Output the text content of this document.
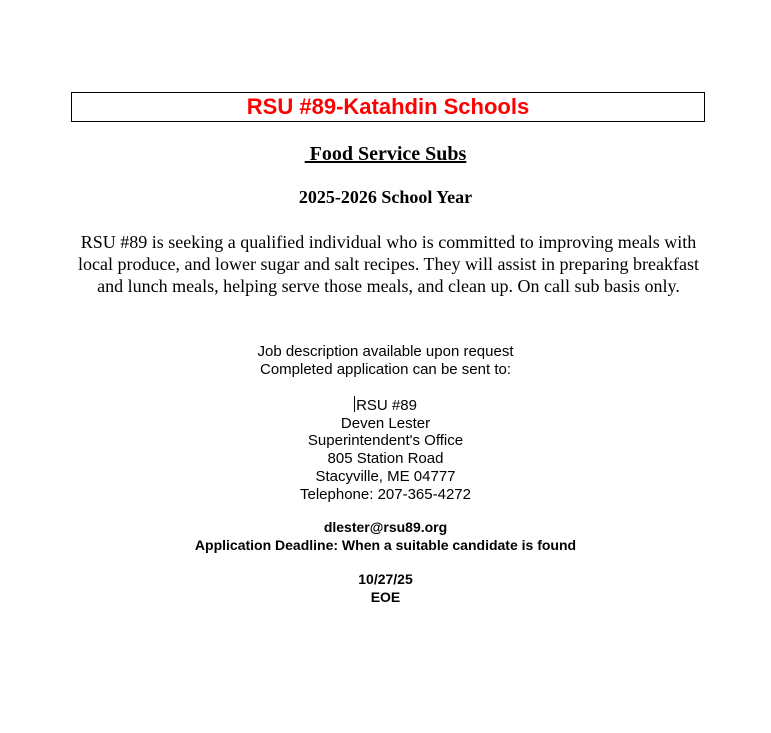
RSU #89-Katahdin Schools
Food Service Subs
2025-2026 School Year
RSU #89 is seeking a qualified individual who is committed to improving meals with local produce, and lower sugar and salt recipes. They will assist in preparing breakfast and lunch meals, helping serve those meals, and clean up. On call sub basis only.
Job description available upon request
Completed application can be sent to:
RSU #89
Deven Lester
Superintendent's Office
805 Station Road
Stacyville, ME 04777
Telephone: 207-365-4272
dlester@rsu89.org
Application Deadline: When a suitable candidate is found
10/27/25
EOE
